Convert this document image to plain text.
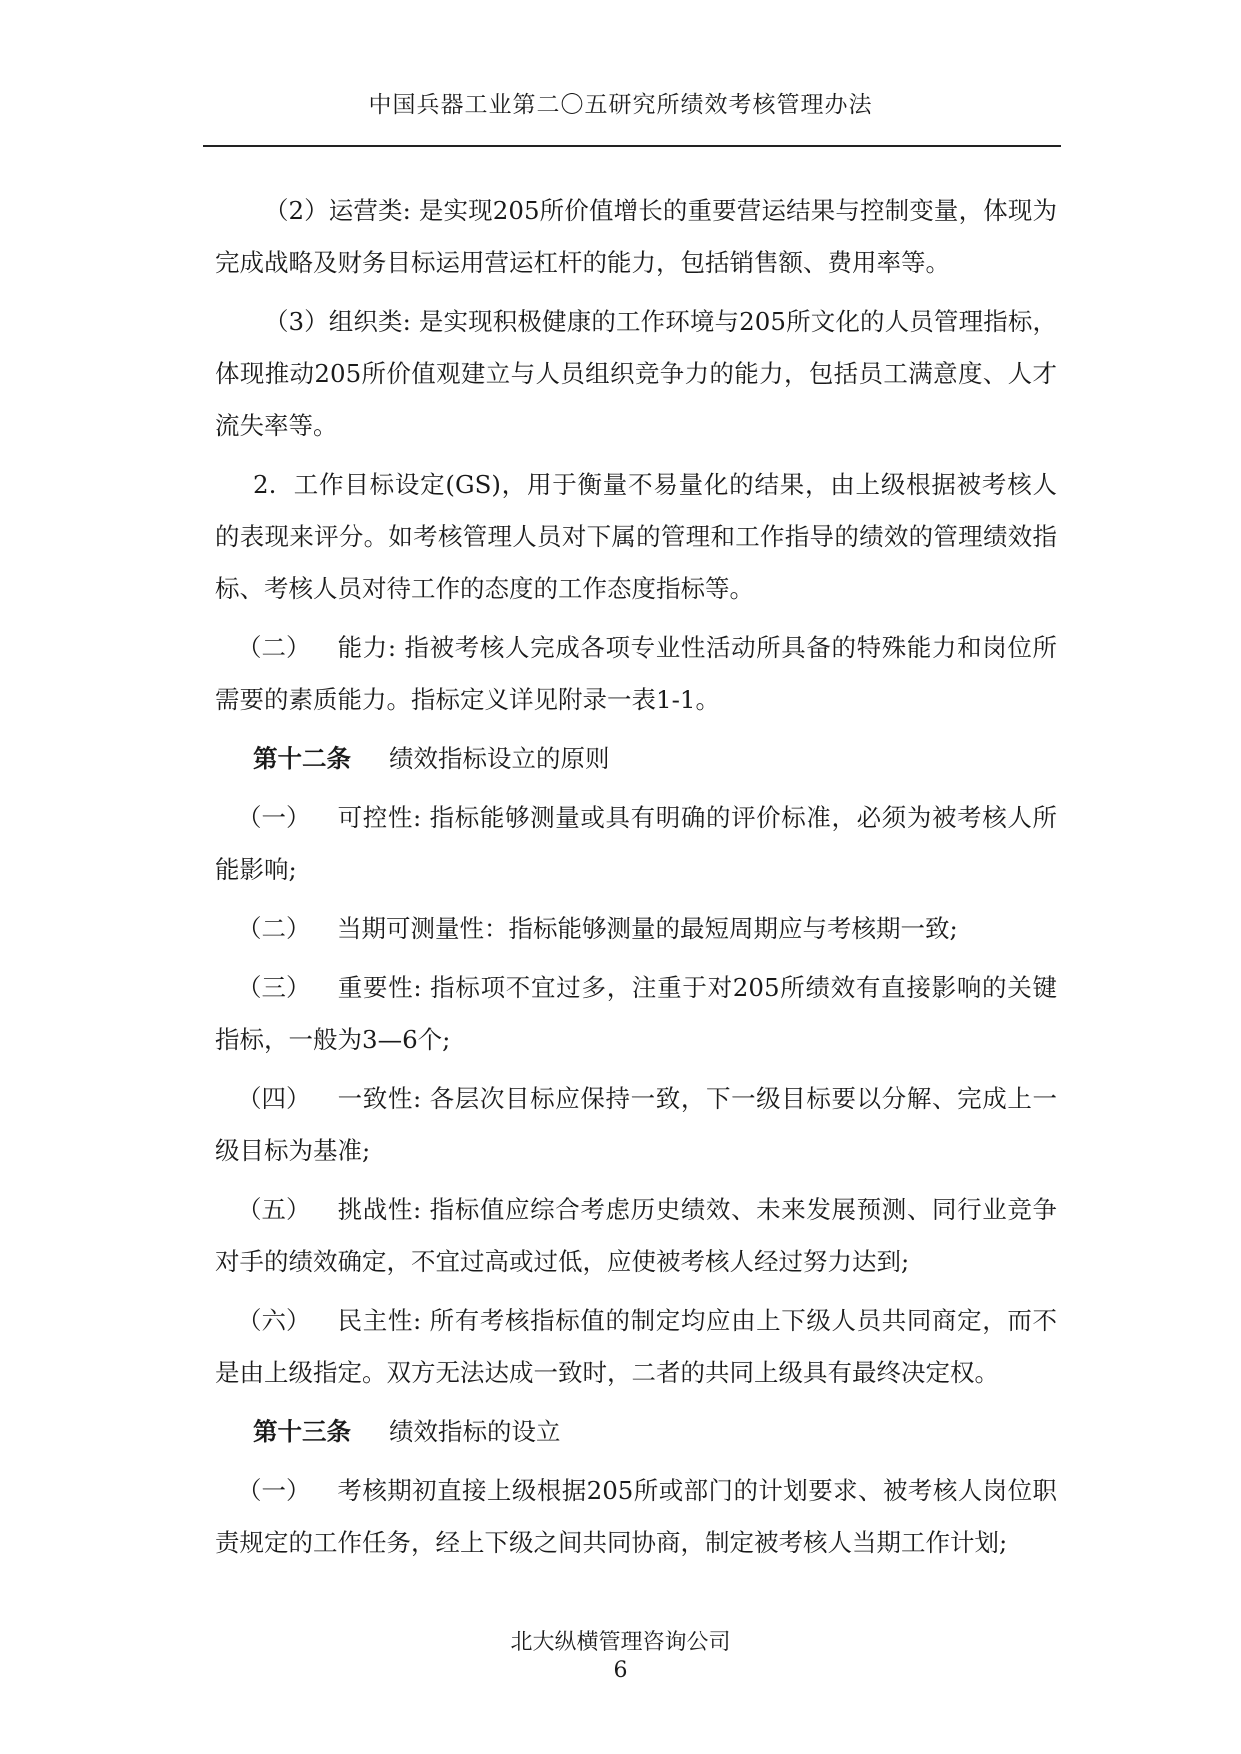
中国兵器工业第二〇五研究所绩效考核管理办法

（2）运营类: 是实现205所价值增长的重要营运结果与控制变量，体现为完成战略及财务目标运用营运杠杆的能力，包括销售额、费用率等。

（3）组织类: 是实现积极健康的工作环境与205所文化的人员管理指标，体现推动205所价值观建立与人员组织竞争力的能力，包括员工满意度、人才流失率等。

2. 工作目标设定(GS)，用于衡量不易量化的结果，由上级根据被考核人的表现来评分。如考核管理人员对下属的管理和工作指导的绩效的管理绩效指标、考核人员对待工作的态度的工作态度指标等。

（二） 能力: 指被考核人完成各项专业性活动所具备的特殊能力和岗位所需要的素质能力。指标定义详见附录一表1-1。

第十二条 绩效指标设立的原则

（一） 可控性: 指标能够测量或具有明确的评价标准，必须为被考核人所能影响;

（二） 当期可测量性：指标能够测量的最短周期应与考核期一致;

（三） 重要性: 指标项不宜过多，注重于对205所绩效有直接影响的关键指标，一般为3—6个;

（四） 一致性: 各层次目标应保持一致，下一级目标要以分解、完成上一级目标为基准;

（五） 挑战性: 指标值应综合考虑历史绩效、未来发展预测、同行业竞争对手的绩效确定，不宜过高或过低，应使被考核人经过努力达到;

（六） 民主性: 所有考核指标值的制定均应由上下级人员共同商定，而不是由上级指定。双方无法达成一致时，二者的共同上级具有最终决定权。

第十三条 绩效指标的设立

（一） 考核期初直接上级根据205所或部门的计划要求、被考核人岗位职责规定的工作任务，经上下级之间共同协商，制定被考核人当期工作计划;

北大纵横管理咨询公司
6
